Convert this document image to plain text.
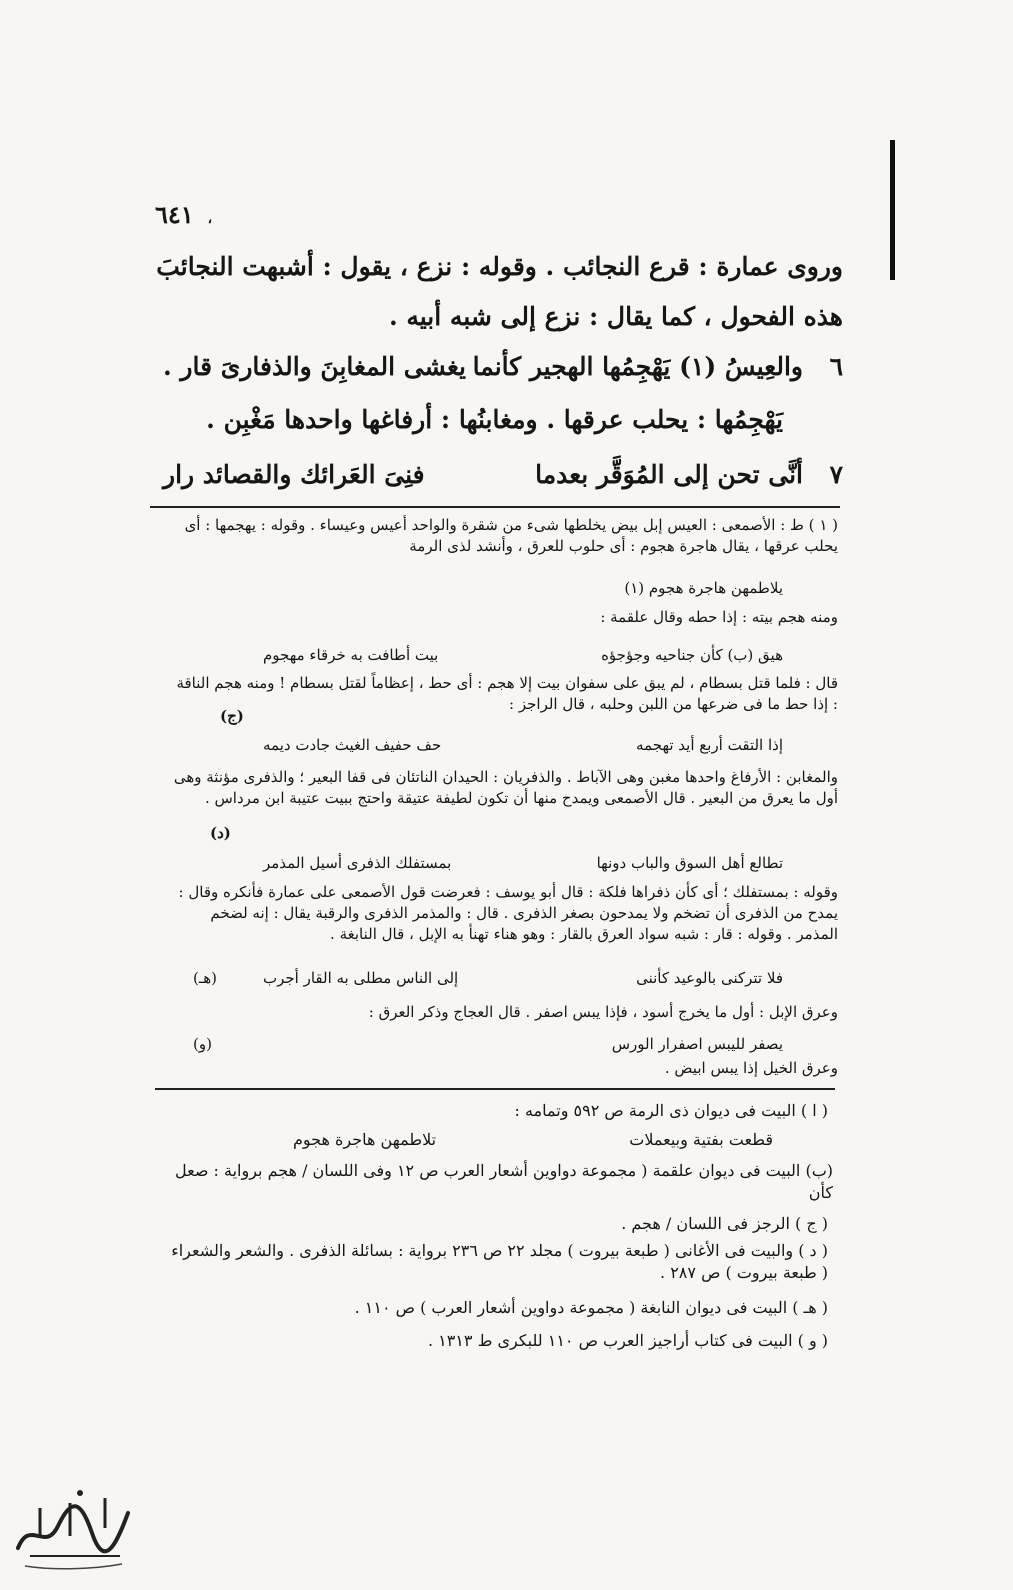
٦٤١ ،
وروى عمارة : قرع النجائب . وقوله : نزع ، يقول : أشبهت النجائبَ
هذه الفحول ، كما يقال : نزع إلى شبه أبيه .
٦
والعِيسُ (١) يَهْجِمُها الهجير كأنما
يغشى المغابِنَ والذفارىَ قار .
يَهْجِمُها : يحلب عرقها . ومغابنُها : أرفاغها واحدها مَغْبِن .
٧
أنَّى تحن إلى المُوَقَّر بعدما
فنِىَ العَرائك والقصائد رار
( ١ ) ط : الأصمعى : العيس إبل بيض يخلطها شىء من شقرة والواحد أعيس وعيساء . وقوله : يهجمها : أى يحلب عرقها ، يقال هاجرة هجوم : أى حلوب للعرق ، وأنشد لذى الرمة
يلاطمهن هاجرة هجوم (١)
ومنه هجم بيته : إذا حطه وقال علقمة :
هيق (ب) كأن جناحيه وجؤجؤه
بيت أطافت به خرقاء مهجوم
قال : فلما قتل بسطام ، لم يبق على سفوان بيت إلا هجم : أى حط ، إعظاماً لقتل بسطام ! ومنه هجم الناقة : إذا حط ما فى ضرعها من اللبن وحلبه ، قال الراجز :
(ج)
إذا التقت أربع أيد تهجمه
حف حفيف الغيث جادت ديمه
والمغابن : الأرفاغ واحدها مغبن وهى الآباط . والذفريان : الحيدان الناتئان فى قفا البعير ؛ والذفرى مؤنثة وهى أول ما يعرق من البعير . قال الأصمعى ويمدح منها أن تكون لطيفة عتيقة واحتج ببيت عتيبة ابن مرداس .
(د)
تطالع أهل السوق والباب دونها
بمستفلك الذفرى أسيل المذمر
وقوله : بمستفلك ؛ أى كأن ذفراها فلكة : قال أبو يوسف : فعرضت قول الأصمعى على عمارة فأنكره وقال : يمدح من الذفرى أن تضخم ولا يمدحون بصغر الذفرى . قال : والمذمر الذفرى والرقبة يقال : إنه لضخم المذمر . وقوله : قار : شبه سواد العرق بالقار : وهو هناء تهنأ به الإبل ، قال النابغة .
فلا تتركنى بالوعيد كأننى
إلى الناس مطلى به القار أجرب
(هـ)
وعرق الإبل : أول ما يخرج أسود ، فإذا يبس اصفر . قال العجاج وذكر العرق :
يصفر لليبس اصفرار الورس
(و)
وعرق الخيل إذا يبس ابيض .
( ا ) البيت فى ديوان ذى الرمة ص ٥٩٢ وتمامه :
قطعت بفتية وبيعملات
تلاطمهن هاجرة هجوم
(ب) البيت فى ديوان علقمة ( مجموعة دواوين أشعار العرب ص ١٢ وفى اللسان / هجم برواية : صعل كأن
( ج ) الرجز فى اللسان / هجم .
( د ) والبيت فى الأغانى ( طبعة بيروت ) مجلد ٢٢ ص ٢٣٦ برواية : بسائلة الذفرى . والشعر والشعراء ( طبعة بيروت ) ص ٢٨٧ .
( هـ ) البيت فى ديوان النابغة ( مجموعة دواوين أشعار العرب ) ص ١١٠ .
( و ) البيت فى كتاب أراجيز العرب ص ١١٠ للبكرى ط ١٣١٣ .
